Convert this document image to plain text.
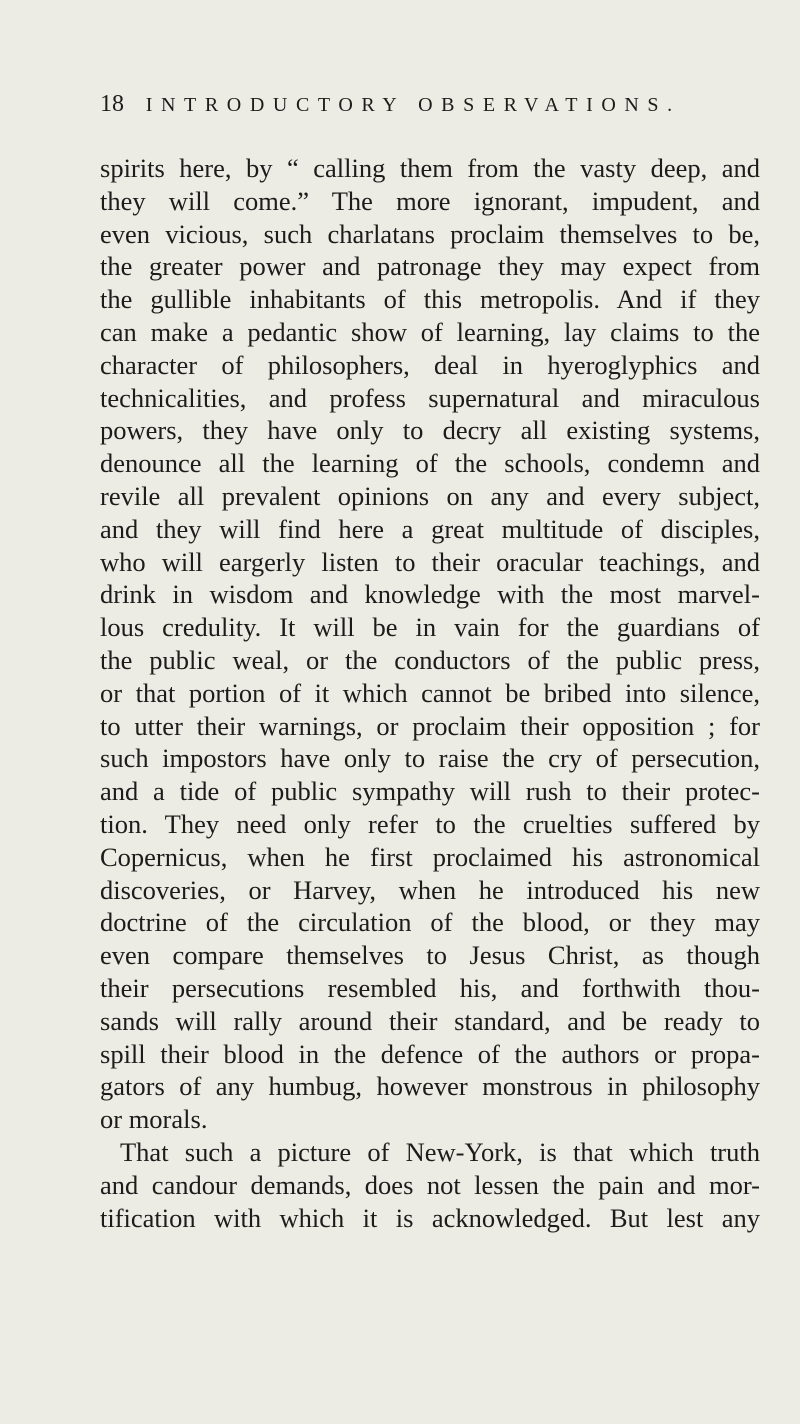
18 INTRODUCTORY OBSERVATIONS.
spirits here, by “ calling them from the vasty deep, and
they will come.” The more ignorant, impudent, and
even vicious, such charlatans proclaim themselves to be,
the greater power and patronage they may expect from
the gullible inhabitants of this metropolis. And if they
can make a pedantic show of learning, lay claims to the
character of philosophers, deal in hyeroglyphics and
technicalities, and profess supernatural and miraculous
powers, they have only to decry all existing systems,
denounce all the learning of the schools, condemn and
revile all prevalent opinions on any and every subject,
and they will find here a great multitude of disciples,
who will eargerly listen to their oracular teachings, and
drink in wisdom and knowledge with the most marvel-
lous credulity. It will be in vain for the guardians of
the public weal, or the conductors of the public press,
or that portion of it which cannot be bribed into silence,
to utter their warnings, or proclaim their opposition ; for
such impostors have only to raise the cry of persecution,
and a tide of public sympathy will rush to their protec-
tion. They need only refer to the cruelties suffered by
Copernicus, when he first proclaimed his astronomical
discoveries, or Harvey, when he introduced his new
doctrine of the circulation of the blood, or they may
even compare themselves to Jesus Christ, as though
their persecutions resembled his, and forthwith thou-
sands will rally around their standard, and be ready to
spill their blood in the defence of the authors or propa-
gators of any humbug, however monstrous in philosophy
or morals.
That such a picture of New-York, is that which truth
and candour demands, does not lessen the pain and mor-
tification with which it is acknowledged. But lest any
